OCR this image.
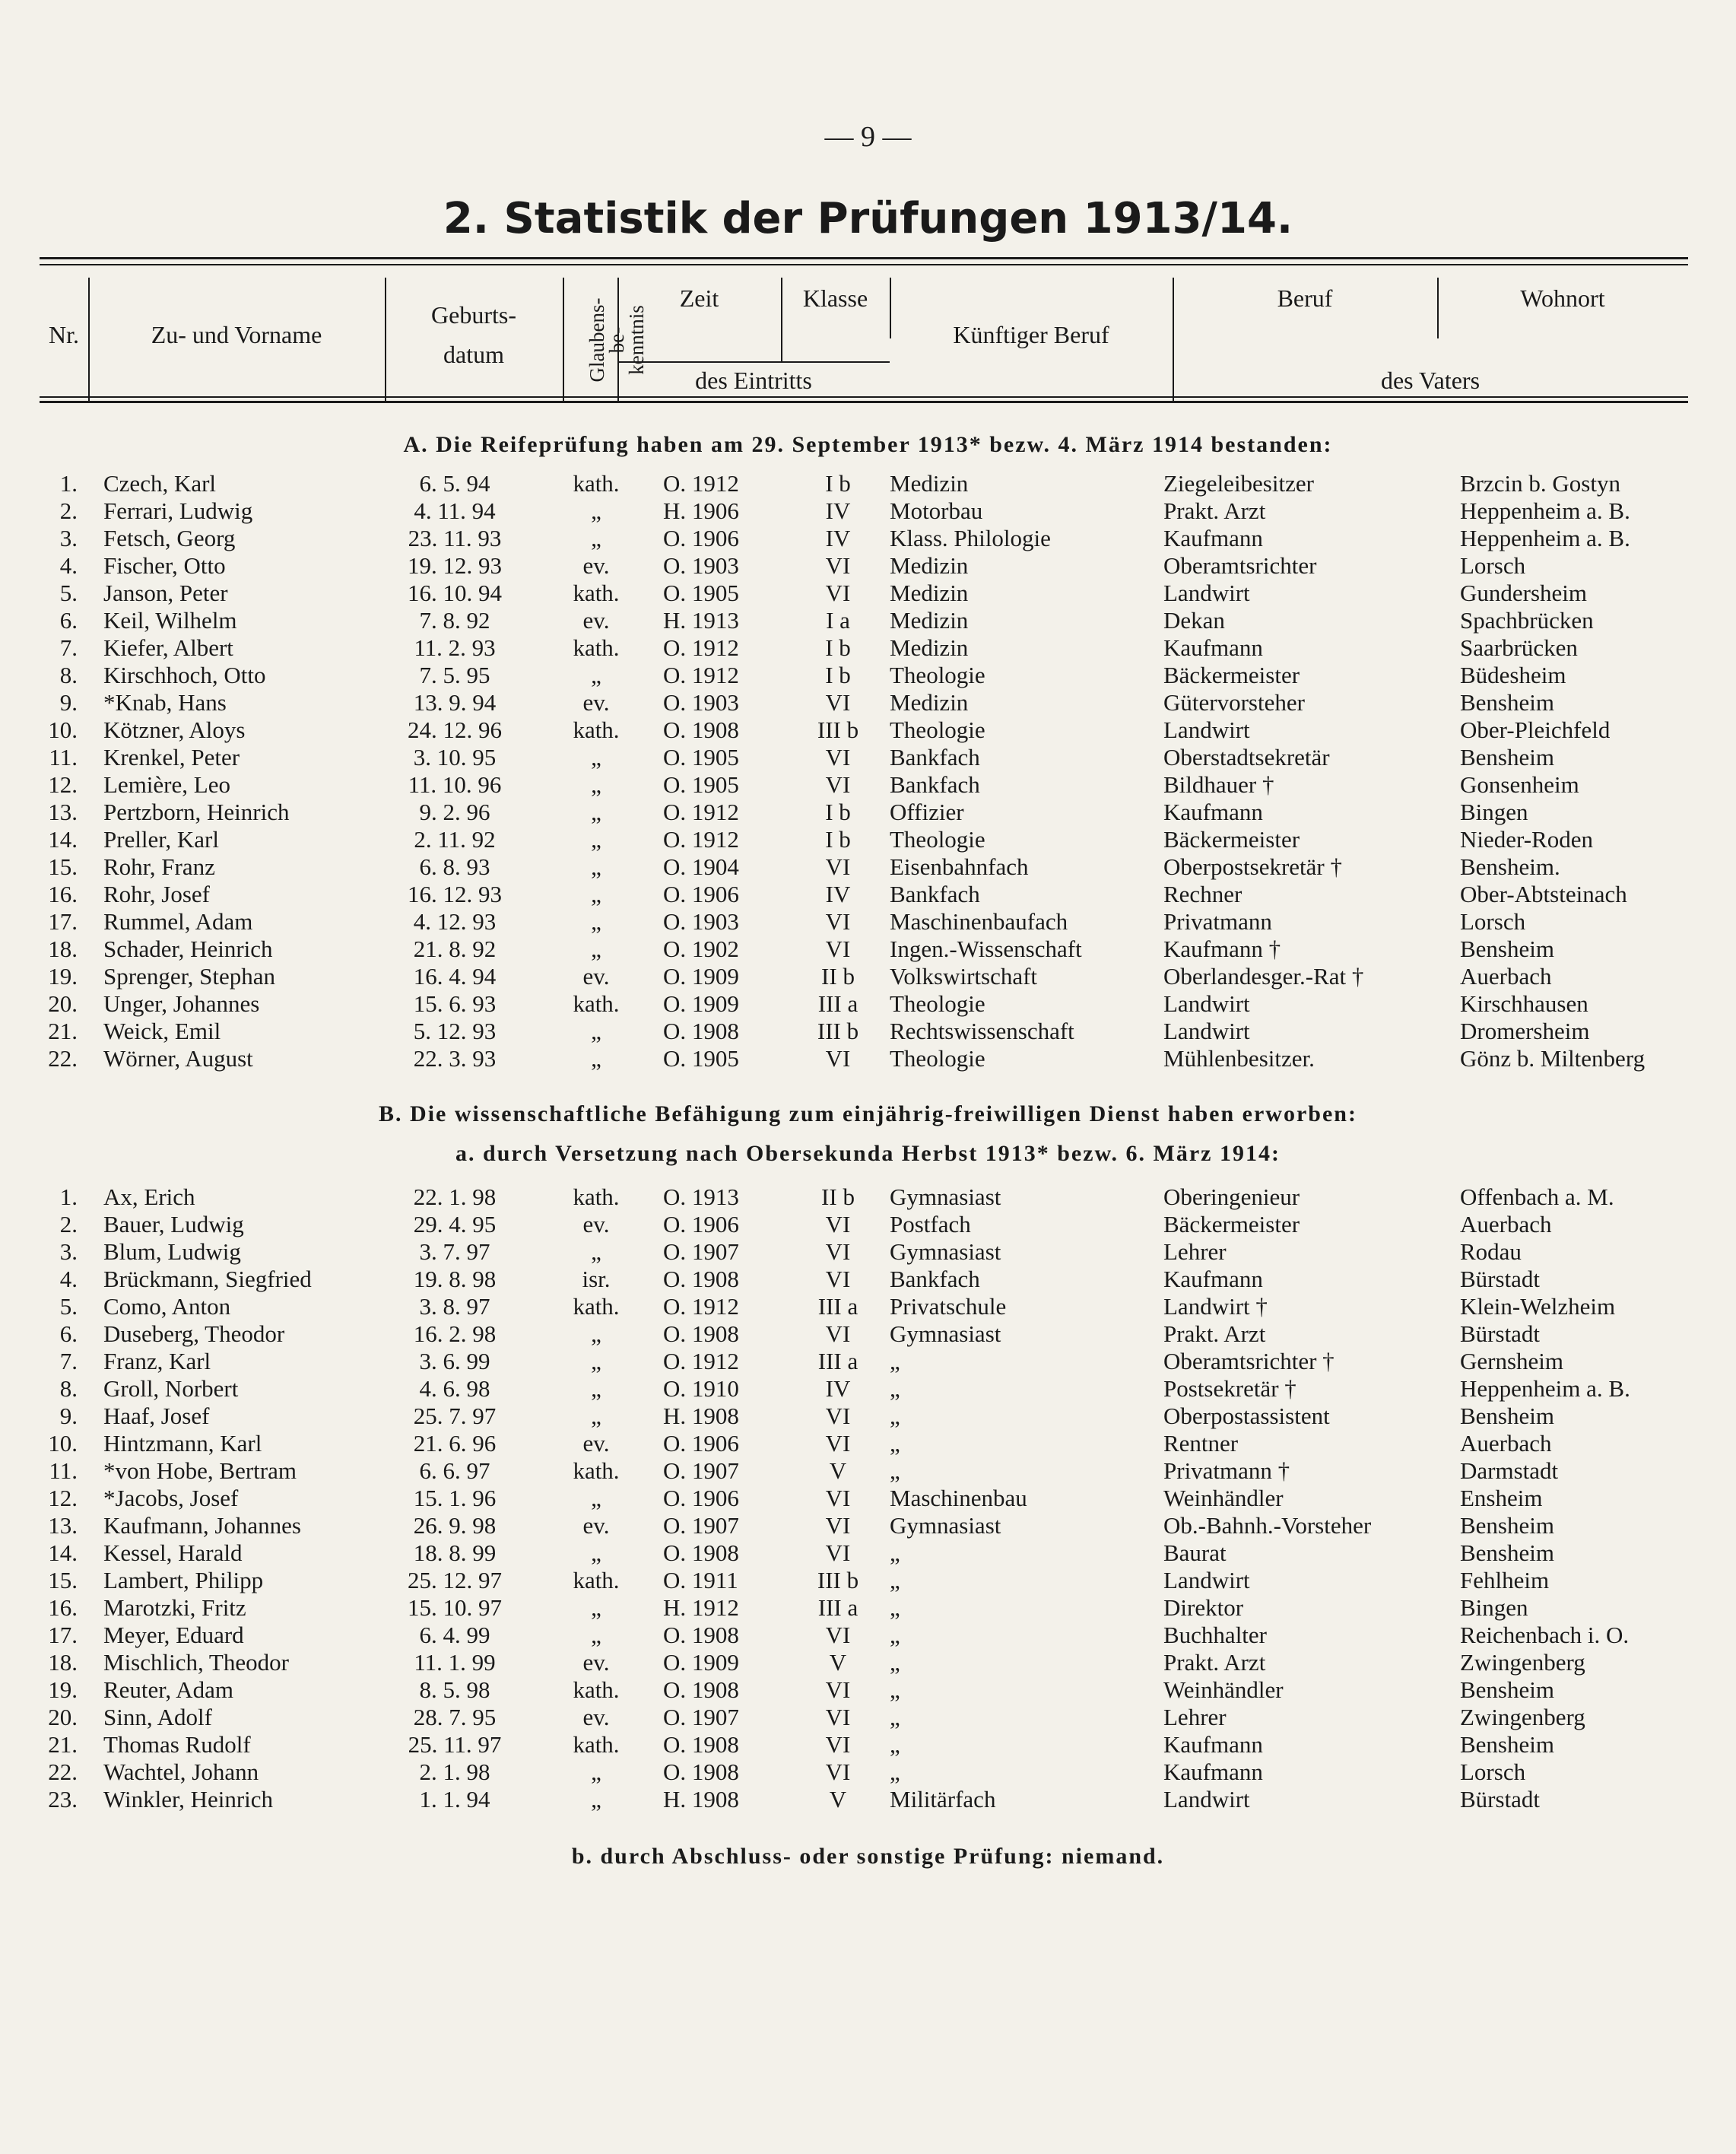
— 9 —
2. Statistik der Prüfungen 1913/14.
Nr.	Zu- und Vorname
Geburts-
datum	Glaubens-
be-
kenntnis
Zeit	Klasse
des Eintritts
Künftiger Beruf
Beruf	Wohnort
des Vaters
A. Die Reifeprüfung haben am 29. September 1913* bezw. 4. März 1914 bestanden:
1. Czech, Karl	6. 5. 94	kath.	O. 1912	I b	Medizin	Ziegeleibesitzer	Brzcin b. Gostyn
2. Ferrari, Ludwig	4. 11. 94	„	H. 1906	IV	Motorbau	Prakt. Arzt	Heppenheim a. B.
3. Fetsch, Georg	23. 11. 93	„	O. 1906	IV	Klass. Philologie	Kaufmann	Heppenheim a. B.
4. Fischer, Otto	19. 12. 93	ev.	O. 1903	VI	Medizin	Oberamtsrichter	Lorsch
5. Janson, Peter	16. 10. 94	kath.	O. 1905	VI	Medizin	Landwirt	Gundersheim
6. Keil, Wilhelm	7. 8. 92	ev.	H. 1913	I a	Medizin	Dekan	Spachbrücken
7. Kiefer, Albert	11. 2. 93	kath.	O. 1912	I b	Medizin	Kaufmann	Saarbrücken
8. Kirschhoch, Otto	7. 5. 95	„	O. 1912	I b	Theologie	Bäckermeister	Büdesheim
9. *Knab, Hans	13. 9. 94	ev.	O. 1903	VI	Medizin	Gütervorsteher	Bensheim
10. Kötzner, Aloys	24. 12. 96	kath.	O. 1908	III b	Theologie	Landwirt	Ober-Pleichfeld
11. Krenkel, Peter	3. 10. 95	„	O. 1905	VI	Bankfach	Oberstadtsekretär	Bensheim
12. Lemière, Leo	11. 10. 96	„	O. 1905	VI	Bankfach	Bildhauer †	Gonsenheim
13. Pertzborn, Heinrich	9. 2. 96	„	O. 1912	I b	Offizier	Kaufmann	Bingen
14. Preller, Karl	2. 11. 92	„	O. 1912	I b	Theologie	Bäckermeister	Nieder-Roden
15. Rohr, Franz	6. 8. 93	„	O. 1904	VI	Eisenbahnfach	Oberpostsekretär †	Bensheim.
16. Rohr, Josef	16. 12. 93	„	O. 1906	IV	Bankfach	Rechner	Ober-Abtsteinach
17. Rummel, Adam	4. 12. 93	„	O. 1903	VI	Maschinenbaufach	Privatmann	Lorsch
18. Schader, Heinrich	21. 8. 92	„	O. 1902	VI	Ingen.-Wissenschaft	Kaufmann †	Bensheim
19. Sprenger, Stephan	16. 4. 94	ev.	O. 1909	II b	Volkswirtschaft	Oberlandesger.-Rat †	Auerbach
20. Unger, Johannes	15. 6. 93	kath.	O. 1909	III a	Theologie	Landwirt	Kirschhausen
21. Weick, Emil	5. 12. 93	„	O. 1908	III b	Rechtswissenschaft	Landwirt	Dromersheim
22. Wörner, August	22. 3. 93	„	O. 1905	VI	Theologie	Mühlenbesitzer.	Gönz b. Miltenberg
B. Die wissenschaftliche Befähigung zum einjährig-freiwilligen Dienst haben erworben:
a. durch Versetzung nach Obersekunda Herbst 1913* bezw. 6. März 1914:
1. Ax, Erich	22. 1. 98	kath.	O. 1913	II b	Gymnasiast	Oberingenieur	Offenbach a. M.
2. Bauer, Ludwig	29. 4. 95	ev.	O. 1906	VI	Postfach	Bäckermeister	Auerbach
3. Blum, Ludwig	3. 7. 97	„	O. 1907	VI	Gymnasiast	Lehrer	Rodau
4. Brückmann, Siegfried	19. 8. 98	isr.	O. 1908	VI	Bankfach	Kaufmann	Bürstadt
5. Como, Anton	3. 8. 97	kath.	O. 1912	III a	Privatschule	Landwirt †	Klein-Welzheim
6. Duseberg, Theodor	16. 2. 98	„	O. 1908	VI	Gymnasiast	Prakt. Arzt	Bürstadt
7. Franz, Karl	3. 6. 99	„	O. 1912	III a	„	Oberamtsrichter †	Gernsheim
8. Groll, Norbert	4. 6. 98	„	O. 1910	IV	„	Postsekretär †	Heppenheim a. B.
9. Haaf, Josef	25. 7. 97	„	H. 1908	VI	„	Oberpostassistent	Bensheim
10. Hintzmann, Karl	21. 6. 96	ev.	O. 1906	VI	„	Rentner	Auerbach
11. *von Hobe, Bertram	6. 6. 97	kath.	O. 1907	V	„	Privatmann †	Darmstadt
12. *Jacobs, Josef	15. 1. 96	„	O. 1906	VI	Maschinenbau	Weinhändler	Ensheim
13. Kaufmann, Johannes	26. 9. 98	ev.	O. 1907	VI	Gymnasiast	Ob.-Bahnh.-Vorsteher	Bensheim
14. Kessel, Harald	18. 8. 99	„	O. 1908	VI	„	Baurat	Bensheim
15. Lambert, Philipp	25. 12. 97	kath.	O. 1911	III b	„	Landwirt	Fehlheim
16. Marotzki, Fritz	15. 10. 97	„	H. 1912	III a	„	Direktor	Bingen
17. Meyer, Eduard	6. 4. 99	„	O. 1908	VI	„	Buchhalter	Reichenbach i. O.
18. Mischlich, Theodor	11. 1. 99	ev.	O. 1909	V	„	Prakt. Arzt	Zwingenberg
19. Reuter, Adam	8. 5. 98	kath.	O. 1908	VI	„	Weinhändler	Bensheim
20. Sinn, Adolf	28. 7. 95	ev.	O. 1907	VI	„	Lehrer	Zwingenberg
21. Thomas Rudolf	25. 11. 97	kath.	O. 1908	VI	„	Kaufmann	Bensheim
22. Wachtel, Johann	2. 1. 98	„	O. 1908	VI	„	Kaufmann	Lorsch
23. Winkler, Heinrich	1. 1. 94	„	H. 1908	V	Militärfach	Landwirt	Bürstadt
b. durch Abschluss- oder sonstige Prüfung: niemand.
